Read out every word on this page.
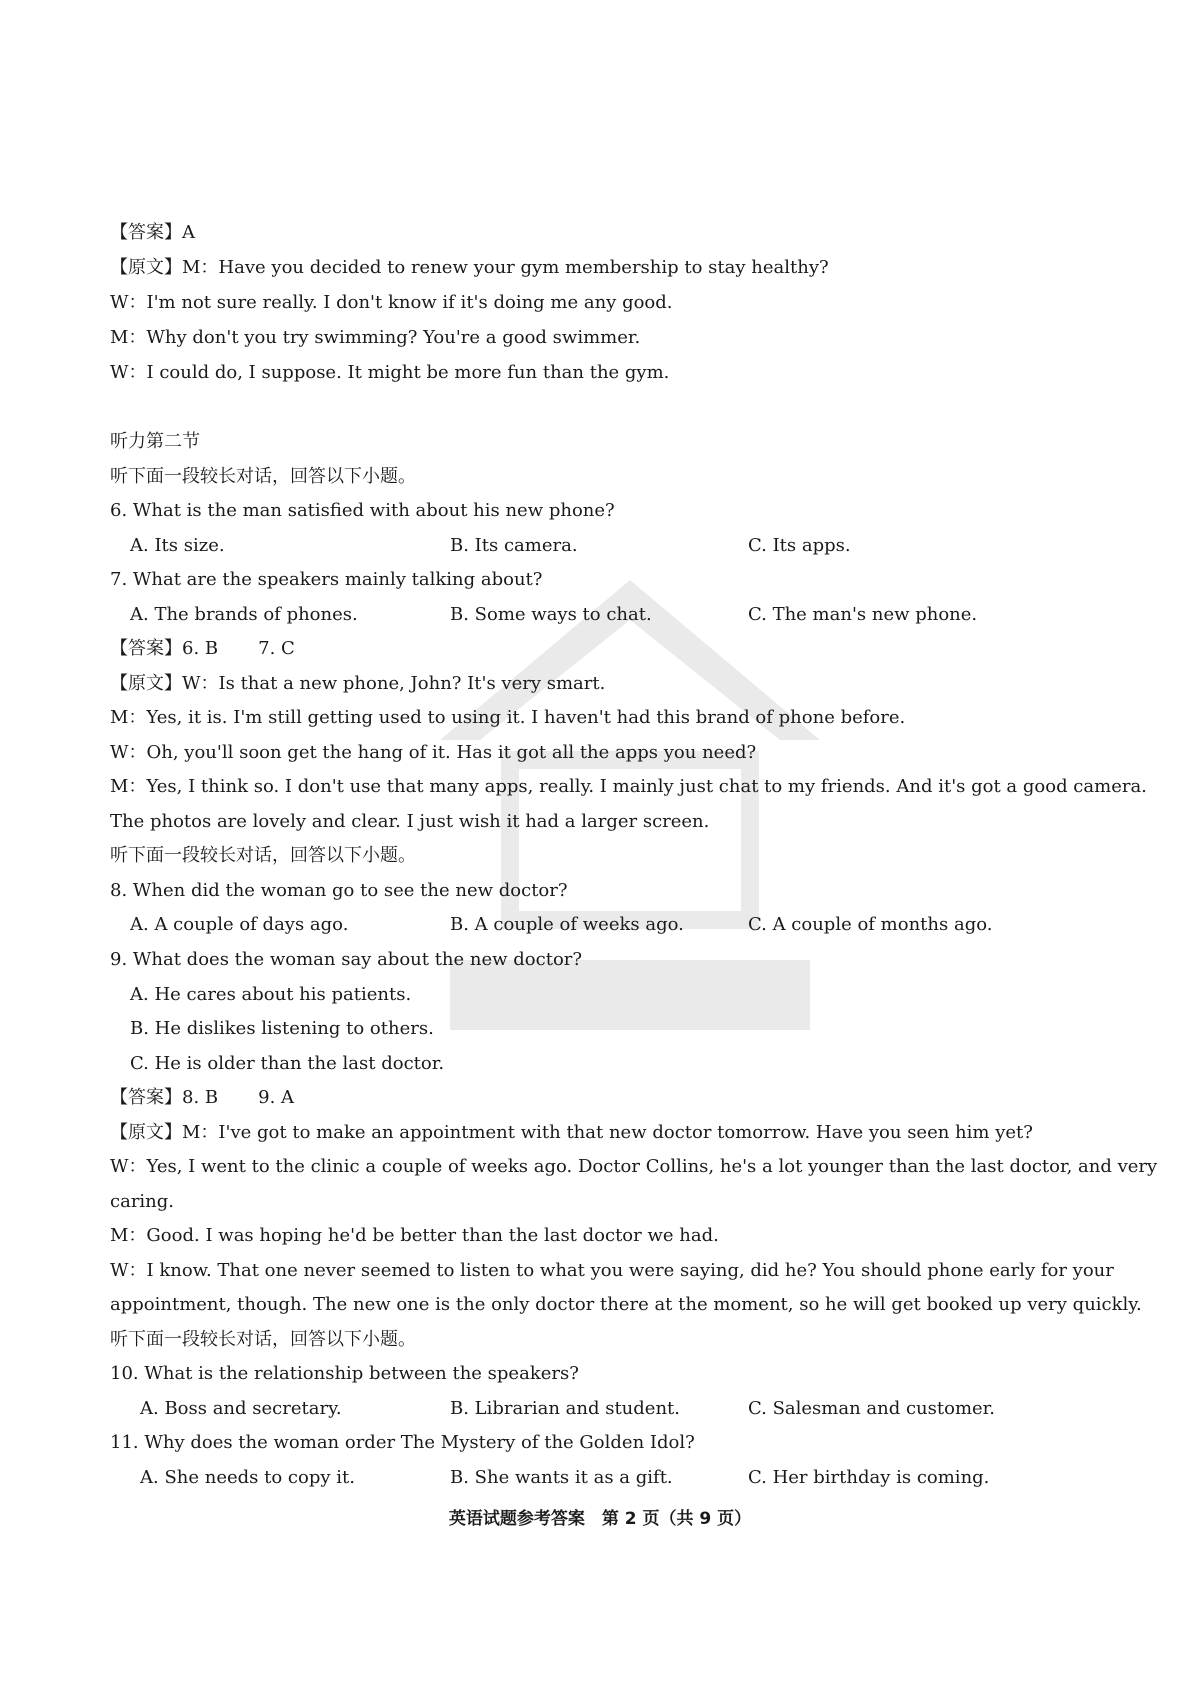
【答案】A
【原文】M：Have you decided to renew your gym membership to stay healthy?
W：I'm not sure really. I don't know if it's doing me any good.
M：Why don't you try swimming? You're a good swimmer.
W：I could do, I suppose. It might be more fun than the gym.
听力第二节
听下面一段较长对话，回答以下小题。
6. What is the man satisfied with about his new phone?
A. Its size.	B. Its camera.	C. Its apps.
7. What are the speakers mainly talking about?
A. The brands of phones.	B. Some ways to chat.	C. The man's new phone.
【答案】6. B 7. C
【原文】W：Is that a new phone, John? It's very smart.
M：Yes, it is. I'm still getting used to using it. I haven't had this brand of phone before.
W：Oh, you'll soon get the hang of it. Has it got all the apps you need?
M：Yes, I think so. I don't use that many apps, really. I mainly just chat to my friends. And it's got a good camera.
The photos are lovely and clear. I just wish it had a larger screen.
听下面一段较长对话，回答以下小题。
8. When did the woman go to see the new doctor?
A. A couple of days ago.	B. A couple of weeks ago.	C. A couple of months ago.
9. What does the woman say about the new doctor?
A. He cares about his patients.
B. He dislikes listening to others.
C. He is older than the last doctor.
【答案】8. B 9. A
【原文】M：I've got to make an appointment with that new doctor tomorrow. Have you seen him yet?
W：Yes, I went to the clinic a couple of weeks ago. Doctor Collins, he's a lot younger than the last doctor, and very
caring.
M：Good. I was hoping he'd be better than the last doctor we had.
W：I know. That one never seemed to listen to what you were saying, did he? You should phone early for your
appointment, though. The new one is the only doctor there at the moment, so he will get booked up very quickly.
听下面一段较长对话，回答以下小题。
10. What is the relationship between the speakers?
A. Boss and secretary.	B. Librarian and student.	C. Salesman and customer.
11. Why does the woman order The Mystery of the Golden Idol?
A. She needs to copy it.	B. She wants it as a gift.	C. Her birthday is coming.
英语试题参考答案　第 2 页（共 9 页）
